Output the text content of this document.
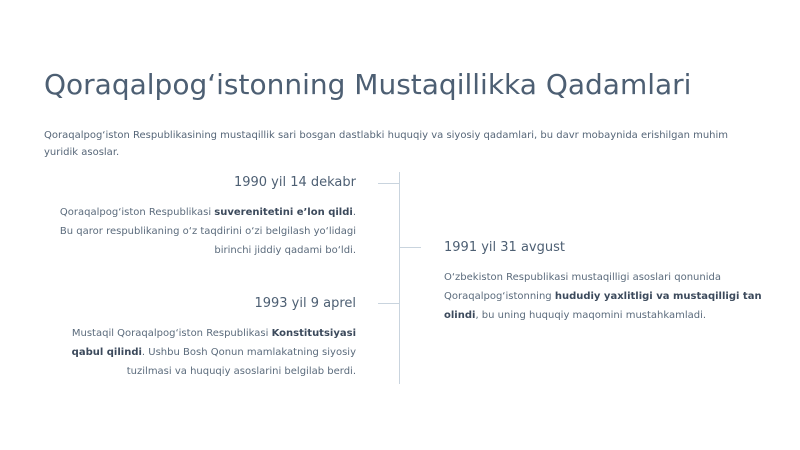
Qoraqalpog‘istonning Mustaqillikka Qadamlari

Qoraqalpog‘iston Respublikasining mustaqillik sari bosgan dastlabki huquqiy va siyosiy qadamlari, bu davr mobaynida erishilgan muhim yuridik asoslar.

1990 yil 14 dekabr
Qoraqalpog‘iston Respublikasi suverenitetini e’lon qildi. Bu qaror respublikaning o‘z taqdirini o‘zi belgilash yo‘lidagi birinchi jiddiy qadami bo‘ldi.	1991 yil 31 avgust
O‘zbekiston Respublikasi mustaqilligi asoslari qonunida Qoraqalpog‘istonning hududiy yaxlitligi va mustaqilligi tan olindi, bu uning huquqiy maqomini mustahkamladi.
1993 yil 9 aprel
Mustaqil Qoraqalpog‘iston Respublikasi Konstitutsiyasi qabul qilindi. Ushbu Bosh Qonun mamlakatning siyosiy tuzilmasi va huquqiy asoslarini belgilab berdi.
